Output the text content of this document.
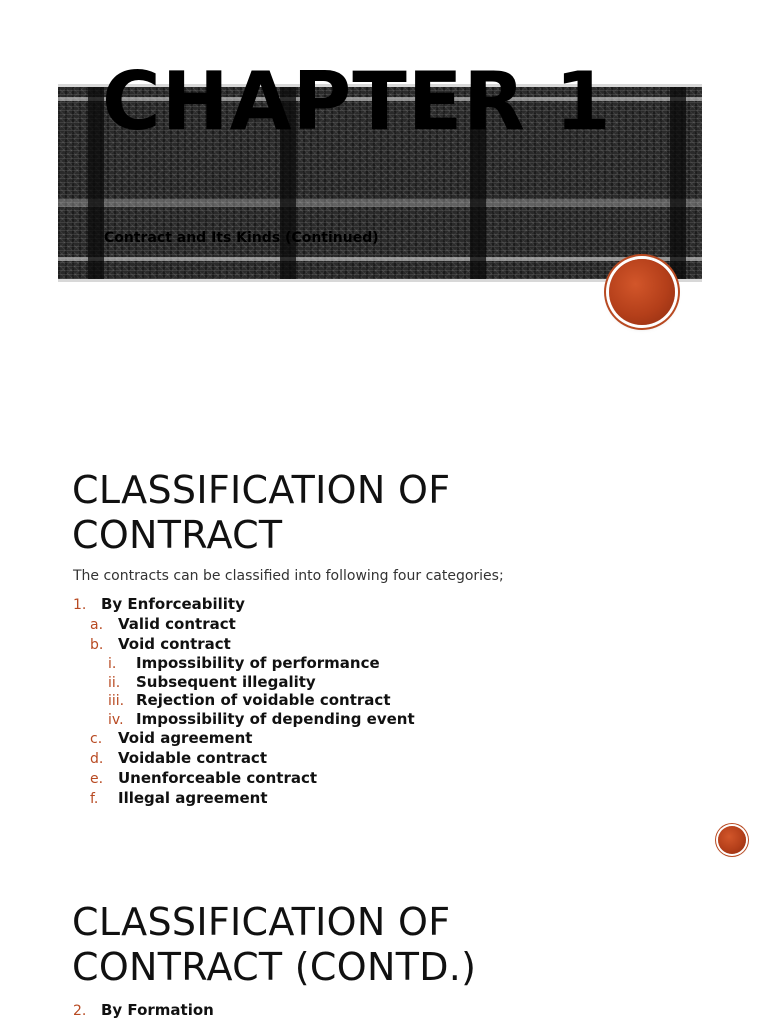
CHAPTER 1
Contract and Its Kinds (Continued)
CLASSIFICATION OF
CONTRACT
The contracts can be classified into following four categories;
1. By Enforceability
a. Valid contract
b. Void contract
i. Impossibility of performance
ii. Subsequent illegality
iii. Rejection of voidable contract
iv. Impossibility of depending event
c. Void agreement
d. Voidable contract
e. Unenforceable contract
f. Illegal agreement
CLASSIFICATION OF
CONTRACT (CONTD.)
2. By Formation
